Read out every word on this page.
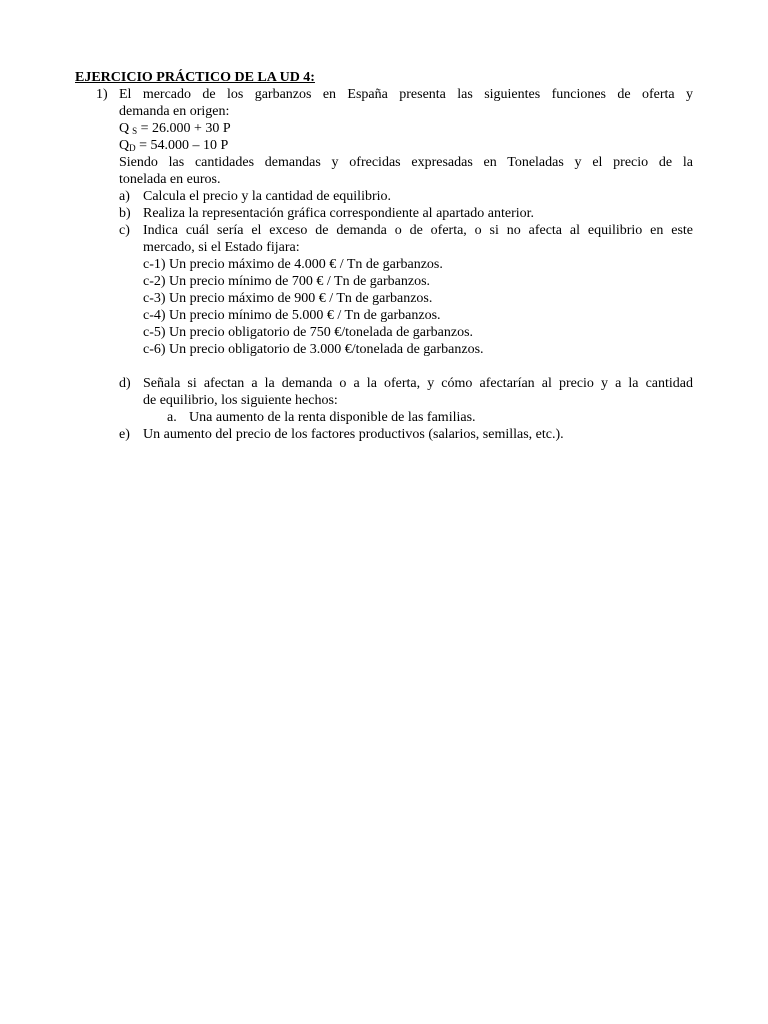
EJERCICIO PRÁCTICO DE LA UD 4:
1) El mercado de los garbanzos en España presenta las siguientes funciones de oferta y
demanda en origen:
Q $_S$ = 26.000 + 30 P
$Q_D = 54.000 - 10$ P
Siendo las cantidades demandas y ofrecidas expresadas en Toneladas y el precio de la
tonelada en euros.
a) Calcula el precio y la cantidad de equilibrio.
b) Realiza la representación gráfica correspondiente al apartado anterior.
c) Indica cuál sería el exceso de demanda o de oferta, o si no afecta al equilibrio en este
mercado, si el Estado fijara:
c-1) Un precio máximo de 4.000 € / Tn de garbanzos.
c-2) Un precio mínimo de 700 € / Tn de garbanzos.
c-3) Un precio máximo de 900 € / Tn de garbanzos.
c-4) Un precio mínimo de 5.000 € / Tn de garbanzos.
c-5) Un precio obligatorio de 750 €/tonelada de garbanzos.
c-6) Un precio obligatorio de 3.000 €/tonelada de garbanzos.
d) Señala si afectan a la demanda o a la oferta, y cómo afectarían al precio y a la cantidad
de equilibrio, los siguiente hechos:
a. Una aumento de la renta disponible de las familias.
e) Un aumento del precio de los factores productivos (salarios, semillas, etc.).
